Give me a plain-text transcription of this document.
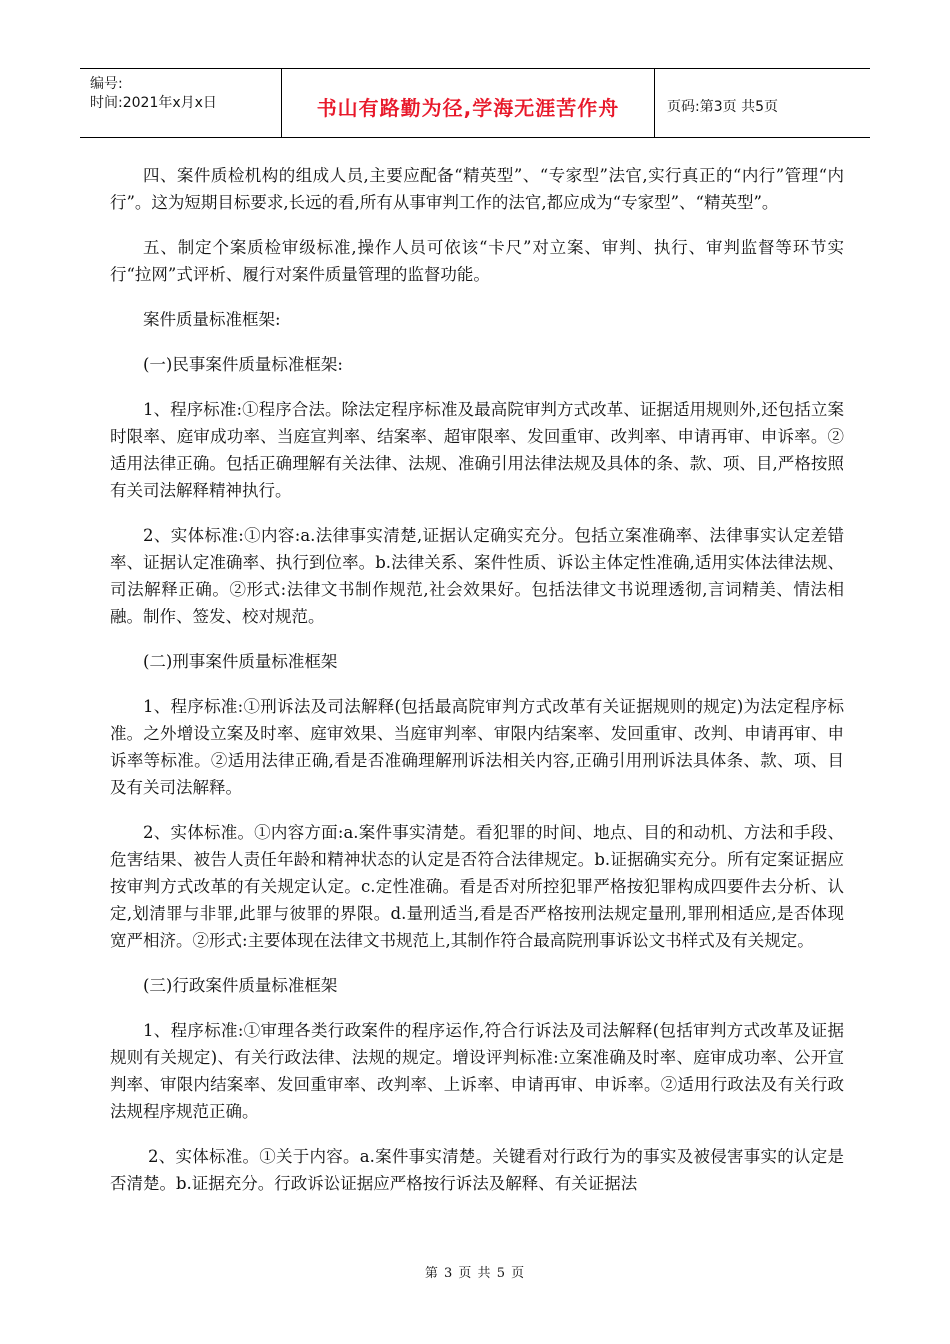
编号:
时间:2021年x月x日	书山有路勤为径,学海无涯苦作舟	页码:第3页 共5页

四、案件质检机构的组成人员,主要应配备“精英型”、“专家型”法官,实行真正的“内行”管理“内行”。这为短期目标要求,长远的看,所有从事审判工作的法官,都应成为“专家型”、“精英型”。

五、制定个案质检审级标准,操作人员可依该“卡尺”对立案、审判、执行、审判监督等环节实行“拉网”式评析、履行对案件质量管理的监督功能。

案件质量标准框架:

(一)民事案件质量标准框架:

1、程序标准:①程序合法。除法定程序标准及最高院审判方式改革、证据适用规则外,还包括立案时限率、庭审成功率、当庭宣判率、结案率、超审限率、发回重审、改判率、申请再审、申诉率。②适用法律正确。包括正确理解有关法律、法规、准确引用法律法规及具体的条、款、项、目,严格按照有关司法解释精神执行。

2、实体标准:①内容:a.法律事实清楚,证据认定确实充分。包括立案准确率、法律事实认定差错率、证据认定准确率、执行到位率。b.法律关系、案件性质、诉讼主体定性准确,适用实体法律法规、司法解释正确。②形式:法律文书制作规范,社会效果好。包括法律文书说理透彻,言词精美、情法相融。制作、签发、校对规范。

(二)刑事案件质量标准框架

1、程序标准:①刑诉法及司法解释(包括最高院审判方式改革有关证据规则的规定)为法定程序标准。之外增设立案及时率、庭审效果、当庭审判率、审限内结案率、发回重审、改判、申请再审、申诉率等标准。②适用法律正确,看是否准确理解刑诉法相关内容,正确引用刑诉法具体条、款、项、目及有关司法解释。

2、实体标准。①内容方面:a.案件事实清楚。看犯罪的时间、地点、目的和动机、方法和手段、危害结果、被告人责任年龄和精神状态的认定是否符合法律规定。b.证据确实充分。所有定案证据应按审判方式改革的有关规定认定。c.定性准确。看是否对所控犯罪严格按犯罪构成四要件去分析、认定,划清罪与非罪,此罪与彼罪的界限。d.量刑适当,看是否严格按刑法规定量刑,罪刑相适应,是否体现宽严相济。②形式:主要体现在法律文书规范上,其制作符合最高院刑事诉讼文书样式及有关规定。

(三)行政案件质量标准框架

1、程序标准:①审理各类行政案件的程序运作,符合行诉法及司法解释(包括审判方式改革及证据规则有关规定)、有关行政法律、法规的规定。增设评判标准:立案准确及时率、庭审成功率、公开宣判率、审限内结案率、发回重审率、改判率、上诉率、申请再审、申诉率。②适用行政法及有关行政法规程序规范正确。

2、实体标准。①关于内容。a.案件事实清楚。关键看对行政行为的事实及被侵害事实的认定是否清楚。b.证据充分。行政诉讼证据应严格按行诉法及解释、有关证据法

第 3 页 共 5 页
